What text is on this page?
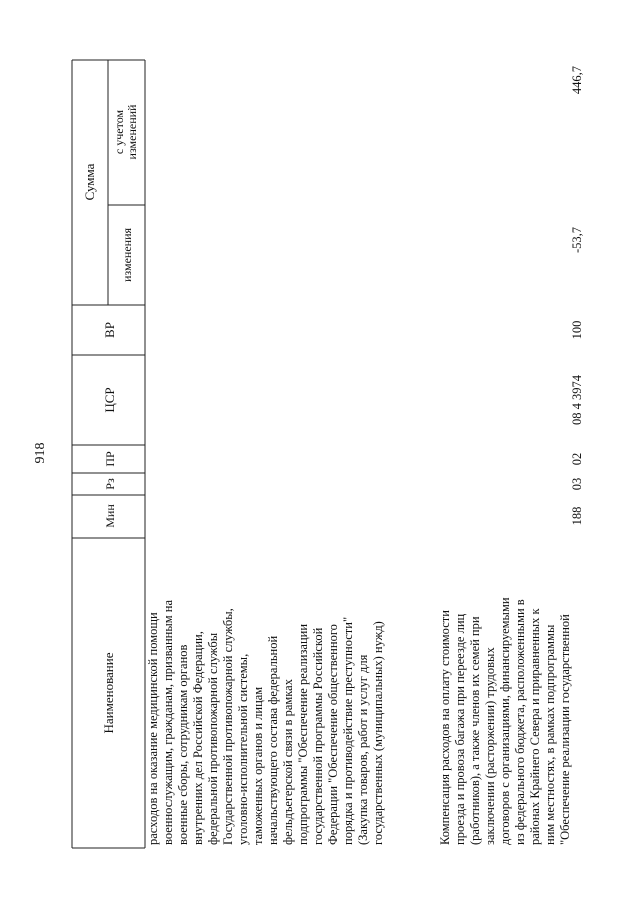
918
Наименование
Мин
Рз
ПР
ЦСР
ВР
Сумма
изменения
с учетом изменений
расходов на оказание медицинской помощи военнослужащим, гражданам, призванным на военные сборы, сотрудникам органов внутренних дел Российской Федерации, федеральной противопожарной службы Государственной противопожарной службы, уголовно-исполнительной системы, таможенных органов и лицам начальствующего состава федеральной фельдъегерской связи в рамках подпрограммы "Обеспечение реализации государственной программы Российской Федерации "Обеспечение общественного порядка и противодействие преступности" (Закупка товаров, работ и услуг для государственных (муниципальных) нужд)	Компенсация расходов на оплату стоимости проезда и провоза багажа при переезде лиц (работников), а также членов их семей при заключении (расторжении) трудовых договоров с организациями, финансируемыми из федерального бюджета, расположенными в районах Крайнего Севера и приравненных к ним местностях, в рамках подпрограммы "Обеспечение реализации государственной
188
03
02
08 4 3974
100
-53,7
446,7
